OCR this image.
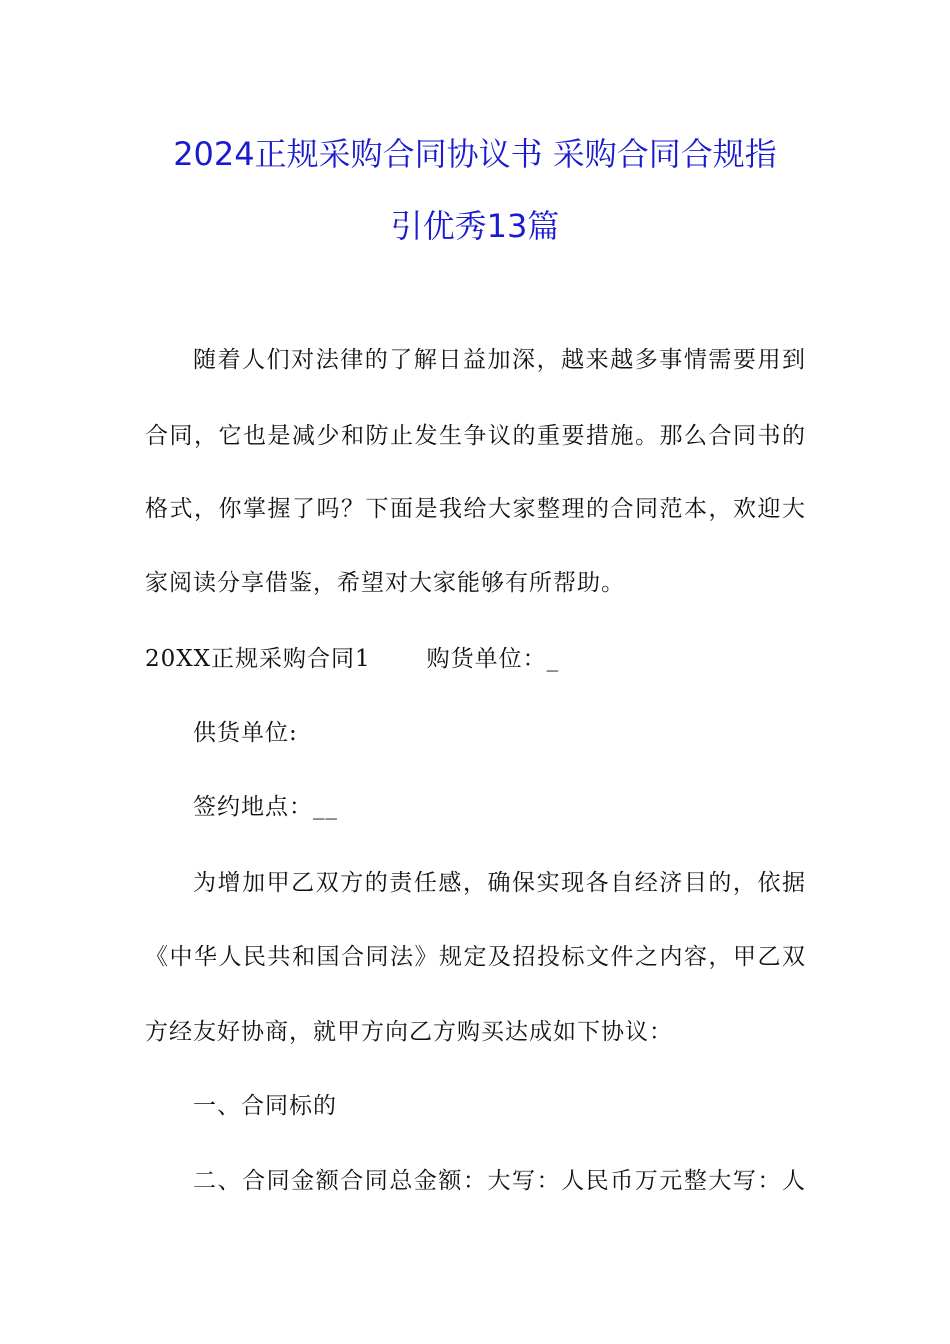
2024正规采购合同协议书 采购合同合规指
引优秀13篇
随着人们对法律的了解日益加深，越来越多事情需要用到
合同，它也是减少和防止发生争议的重要措施。那么合同书的
格式，你掌握了吗？下面是我给大家整理的合同范本，欢迎大
家阅读分享借鉴，希望对大家能够有所帮助。
20XX正规采购合同1 购货单位：_
供货单位:
签约地点：__
为增加甲乙双方的责任感，确保实现各自经济目的，依据
《中华人民共和国合同法》规定及招投标文件之内容，甲乙双
方经友好协商，就甲方向乙方购买达成如下协议：
一、合同标的
二、合同金额合同总金额：大写：人民币万元整大写：人
